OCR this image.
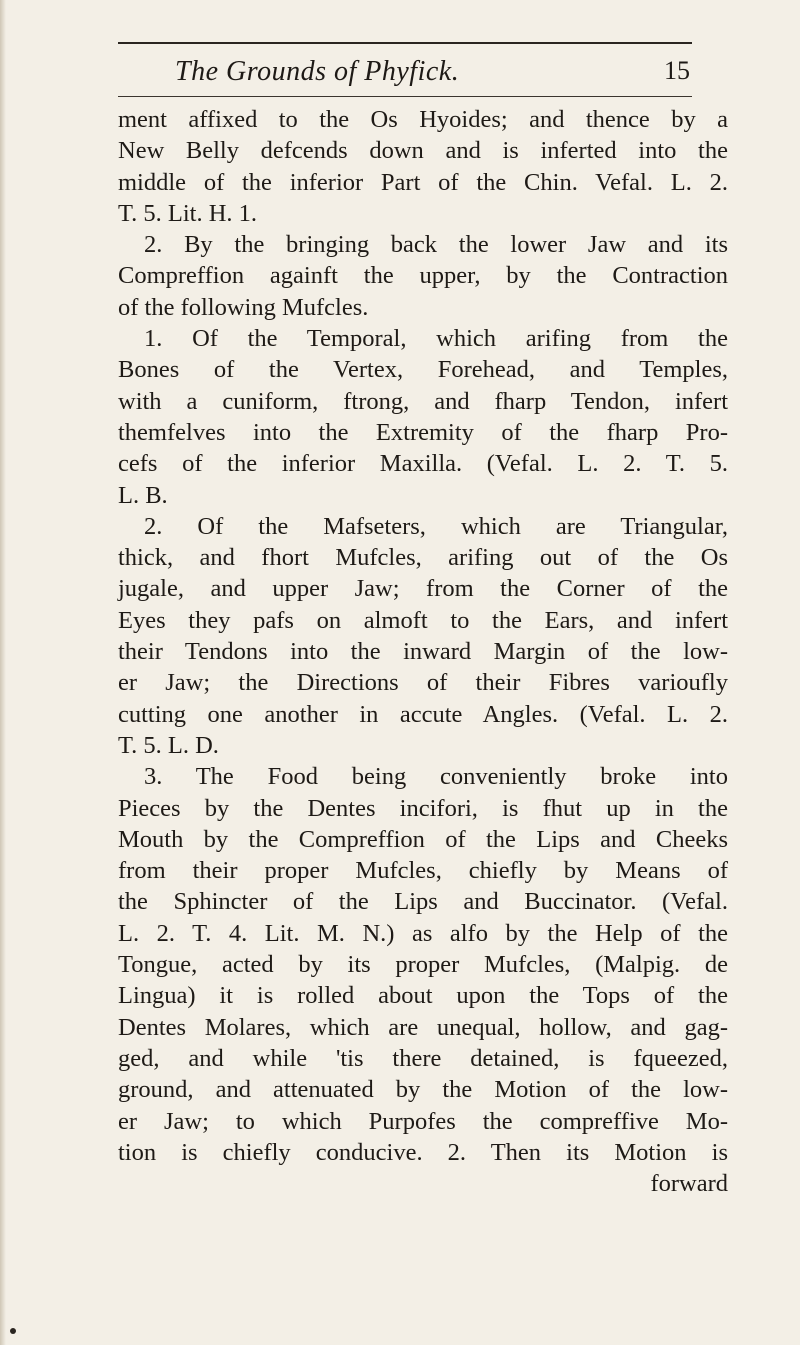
The Grounds of Phyfick.	15
ment affixed to the Os Hyoides; and thence by a
New Belly defcends down and is inferted into the
middle of the inferior Part of the Chin. Vefal. L. 2.
T. 5. Lit. H. 1.
2. By the bringing back the lower Jaw and its
Compreffion againft the upper, by the Contraction
of the following Mufcles.
1. Of the Temporal, which arifing from the
Bones of the Vertex, Forehead, and Temples,
with a cuniform, ftrong, and fharp Tendon, infert
themfelves into the Extremity of the fharp Pro-
cefs of the inferior Maxilla. (Vefal. L. 2. T. 5.
L. B.
2. Of the Mafseters, which are Triangular,
thick, and fhort Mufcles, arifing out of the Os
jugale, and upper Jaw; from the Corner of the
Eyes they pafs on almoft to the Ears, and infert
their Tendons into the inward Margin of the low-
er Jaw; the Directions of their Fibres varioufly
cutting one another in accute Angles. (Vefal. L. 2.
T. 5. L. D.
3. The Food being conveniently broke into
Pieces by the Dentes incifori, is fhut up in the
Mouth by the Compreffion of the Lips and Cheeks
from their proper Mufcles, chiefly by Means of
the Sphincter of the Lips and Buccinator. (Vefal.
L. 2. T. 4. Lit. M. N.) as alfo by the Help of the
Tongue, acted by its proper Mufcles, (Malpig. de
Lingua) it is rolled about upon the Tops of the
Dentes Molares, which are unequal, hollow, and gag-
ged, and while 'tis there detained, is fqueezed,
ground, and attenuated by the Motion of the low-
er Jaw; to which Purpofes the compreffive Mo-
tion is chiefly conducive. 2. Then its Motion is
forward
